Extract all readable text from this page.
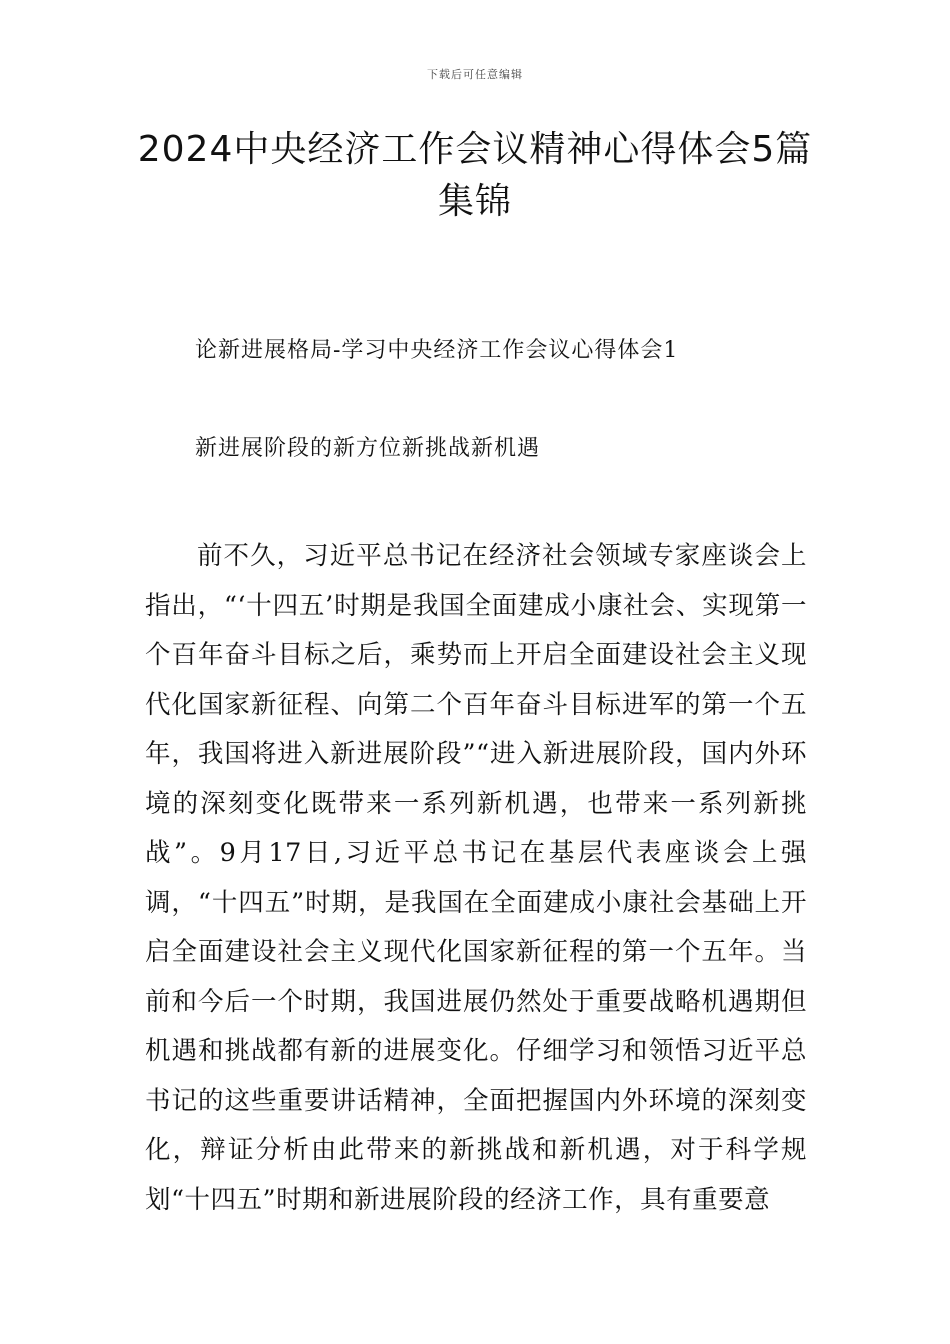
下载后可任意编辑
2024中央经济工作会议精神心得体会5篇集锦
论新进展格局-学习中央经济工作会议心得体会1
新进展阶段的新方位新挑战新机遇

前不久，习近平总书记在经济社会领域专家座谈会上指出，“‘十四五’时期是我国全面建成小康社会、实现第一个百年奋斗目标之后，乘势而上开启全面建设社会主义现代化国家新征程、向第二个百年奋斗目标进军的第一个五年，我国将进入新进展阶段”“进入新进展阶段，国内外环境的深刻变化既带来一系列新机遇，也带来一系列新挑战”。9月17日,习近平总书记在基层代表座谈会上强调，“十四五”时期，是我国在全面建成小康社会基础上开启全面建设社会主义现代化国家新征程的第一个五年。当前和今后一个时期，我国进展仍然处于重要战略机遇期但机遇和挑战都有新的进展变化。仔细学习和领悟习近平总书记的这些重要讲话精神，全面把握国内外环境的深刻变化，辩证分析由此带来的新挑战和新机遇，对于科学规划“十四五”时期和新进展阶段的经济工作，具有重要意
